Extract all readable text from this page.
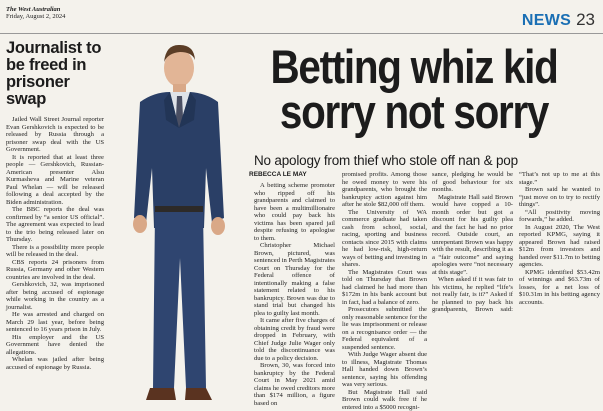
The West Australian
Friday, August 2, 2024	NEWS 23
Journalist to be freed in prisoner swap

Jailed Wall Street Journal reporter Evan Gershkovich is expected to be released by Russia through a prisoner swap deal with the US Government.

It is reported that at least three people — Gershkovich, Russian-American presenter Alsu Kurmasheva and Marine veteran Paul Whelan — will be released following a deal accepted by the Biden administration.

The BBC reports the deal was confirmed by “a senior US official”. The agreement was expected to lead to the trio being released later on Thursday.

There is a possibility more people will be released in the deal.

CBS reports 24 prisoners from Russia, Germany and other Western countries are involved in the deal.

Gershkovich, 32, was imprisoned after being accused of espionage while working in the country as a journalist.

He was arrested and charged on March 29 last year, before being sentenced to 16 years prison in July.

His employer and the US Government have denied the allegations.

Whelan was jailed after being accused of espionage by Russia.

Betting whiz kid
sorry not sorry
No apology from thief who stole off nan & pop
REBECCA LE MAY

A betting scheme promoter who ripped off his grandparents and claimed to have been a multimillionaire who could pay back his victims has been spared jail despite refusing to apologise to them.

Christopher Michael Brown, pictured, was sentenced in Perth Magistrates Court on Thursday for the Federal offence of intentionally making a false statement related to his bankruptcy. Brown was due to stand trial but changed his plea to guilty last month.

It came after five charges of obtaining credit by fraud were dropped in February, with Chief Judge Julie Wager only told the discontinuance was due to a policy decision.

Brown, 30, was forced into bankruptcy by the Federal Court in May 2021 amid claims he owed creditors more than $174 million, a figure based on

promised profits. Among those he owed money to were his grandparents, who brought the bankruptcy action against him after he stole $82,000 off them.

The University of WA commerce graduate had taken cash from school, social, racing, sporting and business contacts since 2015 with claims he had low-risk, high-return ways of betting and investing in shares.

The Magistrates Court was told on Thursday that Brown had claimed he had more than $172m in his bank account but in fact, had a balance of zero.

Prosecutors submitted the only reasonable sentence for the lie was imprisonment or release on a recognisance order — the Federal equivalent of a suspended sentence.

With Judge Wager absent due to illness, Magistrate Thomas Hall handed down Brown’s sentence, saying his offending was very serious.

But Magistrate Hall said Brown could walk free if he entered into a $5000 recogni-

sance, pledging he would be of good behaviour for six months.

Magistrate Hall said Brown would have copped a 10-month order but got a discount for his guilty plea and the fact he had no prior record. Outside court, an unrepentant Brown was happy with the result, describing it as a “fair outcome” and saying apologies were “not necessary at this stage”.

When asked if it was fair to his victims, he replied “life’s not really fair, is it?” Asked if he planned to pay back his grandparents, Brown said: “That’s not up to me at this stage.”

Brown said he wanted to “just move on to try to rectify things”.

“All positivity moving forwards,” he added.

In August 2020, The West reported KPMG, saying it appeared Brown had raised $12m from investors and handed over $11.7m to betting agencies.

KPMG identified $53.42m of winnings and $63.73m of losses, for a net loss of $10.31m in his betting agency accounts.
